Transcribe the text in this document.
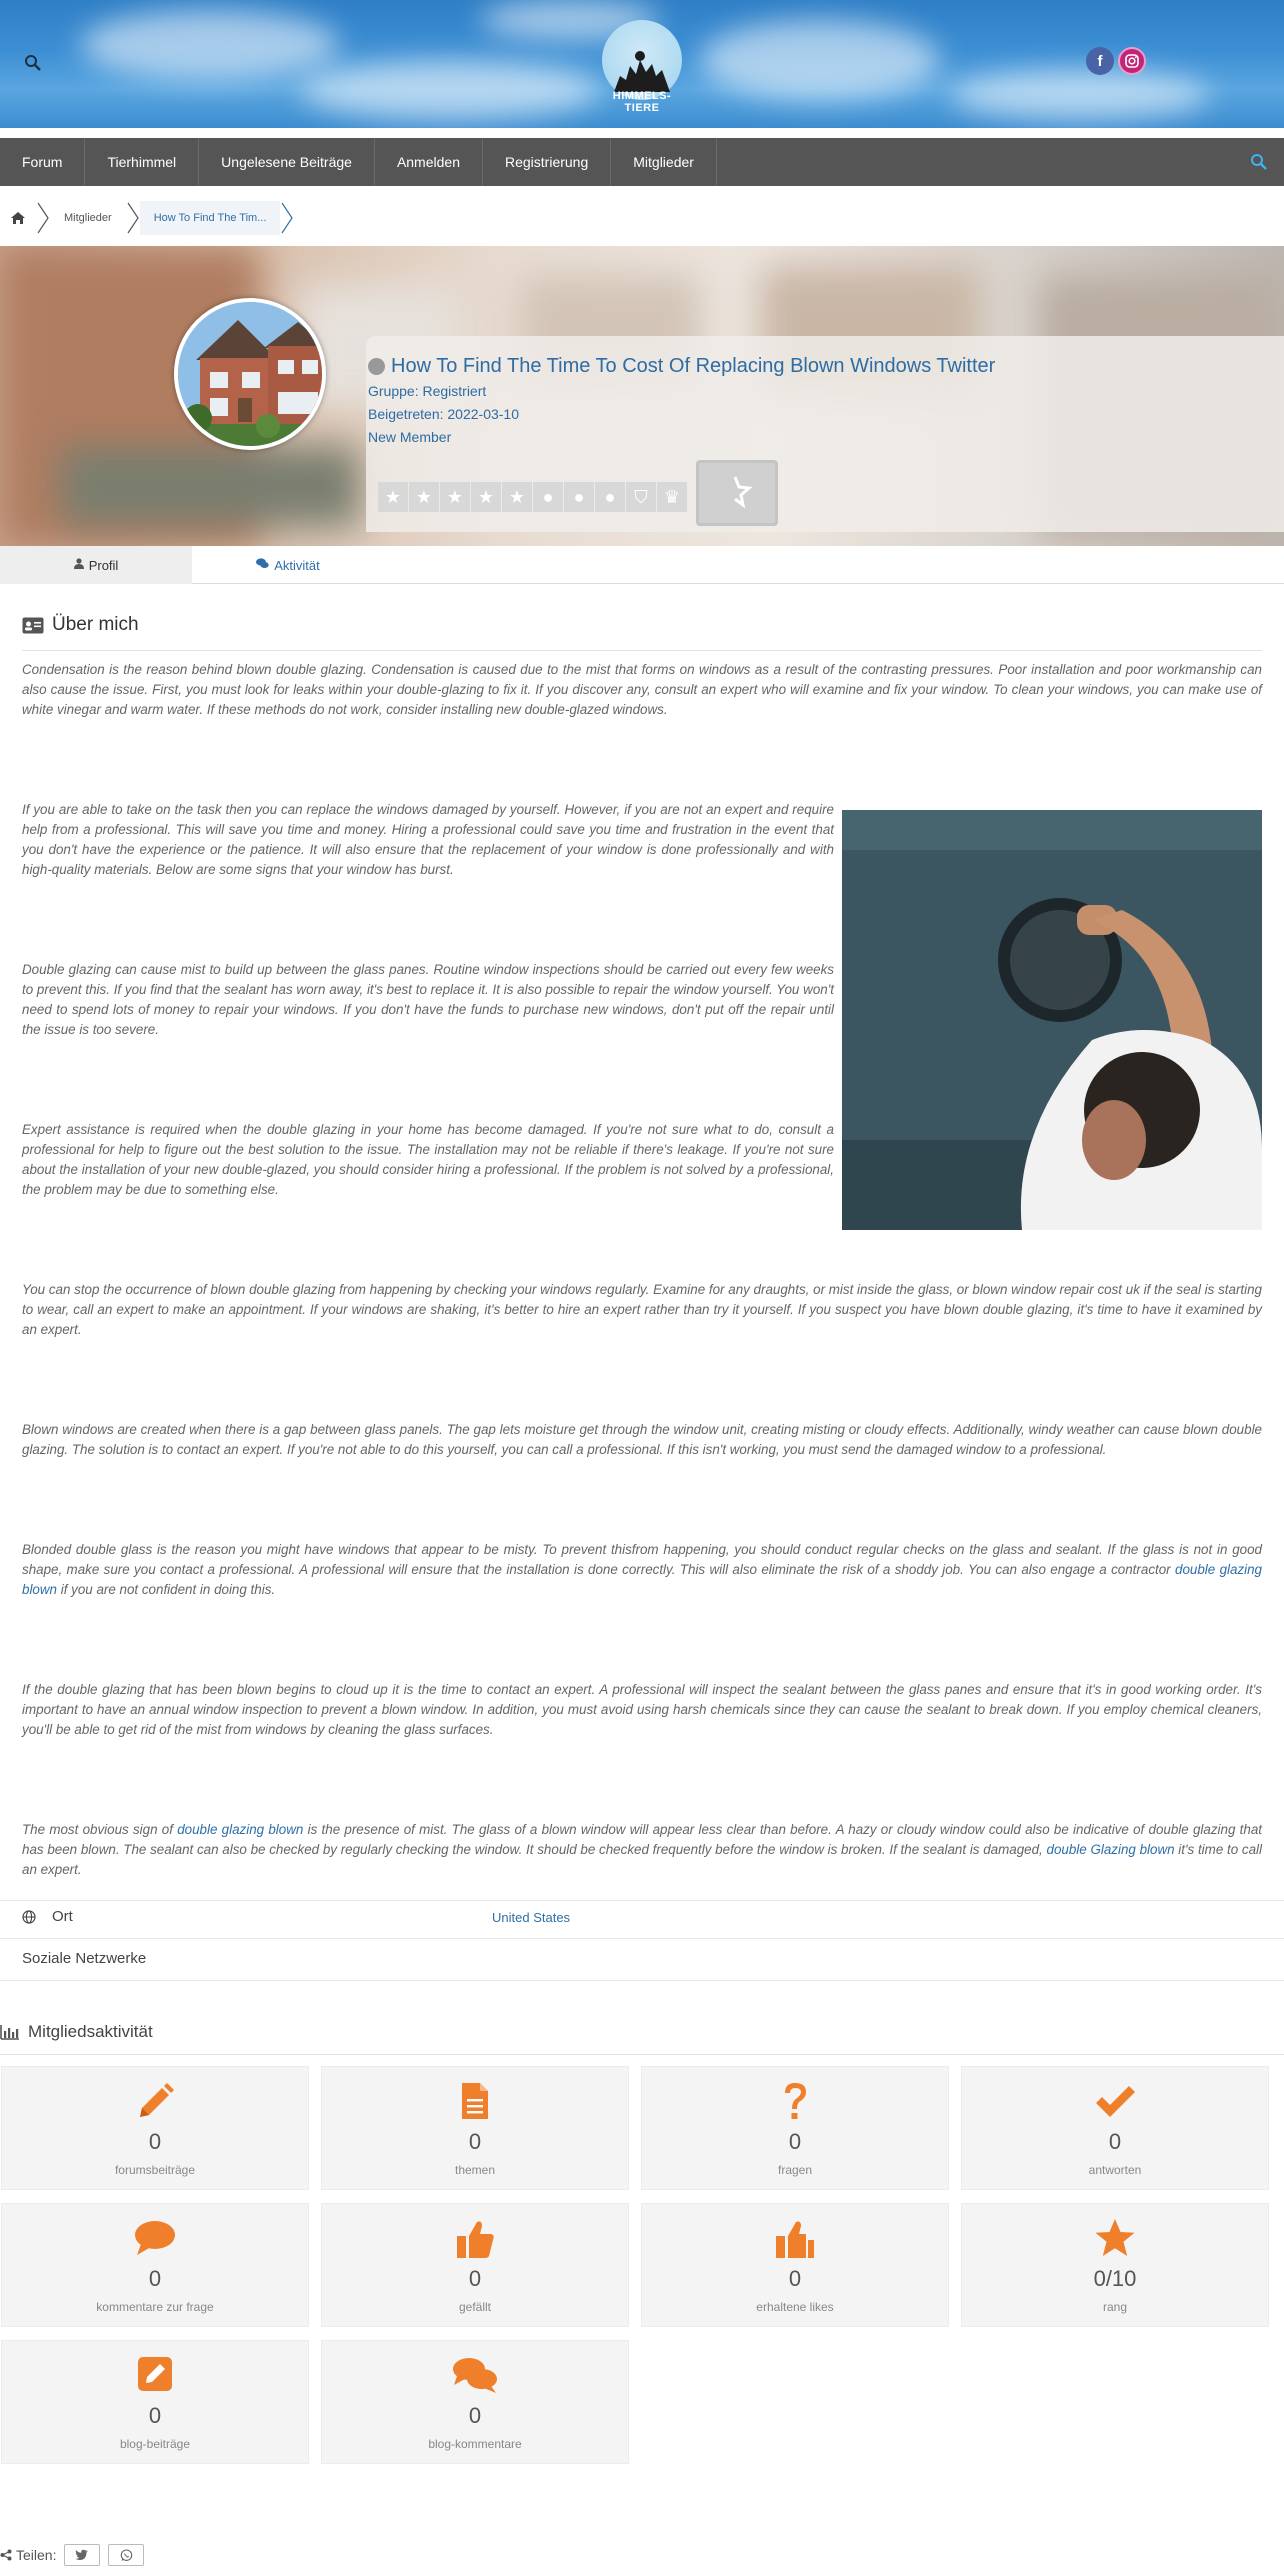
HIMMELS-TIERE
f
Forum	Tierhimmel	Ungelesene Beiträge	Anmelden	Registrierung	Mitglieder
Mitglieder	How To Find The Tim...
How To Find The Time To Cost Of Replacing Blown Windows Twitter
Gruppe: Registriert
Beigetreten: 2022-03-10
New Member
★ ★ ★ ★ ★ ●	●	●	⛉ ♛
Profil	Aktivität
Über mich
Condensation is the reason behind blown double glazing. Condensation is caused due to the mist that forms on windows as a result of the contrasting pressures. Poor installation and poor workmanship can also cause the issue. First, you must look for leaks within your double-glazing to fix it. If you discover any, consult an expert who will examine and fix your window. To clean your windows, you can make use of white vinegar and warm water. If these methods do not work, consider installing new double-glazed windows.
If you are able to take on the task then you can replace the windows damaged by yourself. However, if you are not an expert and require help from a professional. This will save you time and money. Hiring a professional could save you time and frustration in the event that you don't have the experience or the patience. It will also ensure that the replacement of your window is done professionally and with high-quality materials. Below are some signs that your window has burst.
Double glazing can cause mist to build up between the glass panes. Routine window inspections should be carried out every few weeks to prevent this. If you find that the sealant has worn away, it's best to replace it. It is also possible to repair the window yourself. You won't need to spend lots of money to repair your windows. If you don't have the funds to purchase new windows, don't put off the repair until the issue is too severe.
Expert assistance is required when the double glazing in your home has become damaged. If you're not sure what to do, consult a professional for help to figure out the best solution to the issue. The installation may not be reliable if there's leakage. If you're not sure about the installation of your new double-glazed, you should consider hiring a professional. If the problem is not solved by a professional, the problem may be due to something else.
You can stop the occurrence of blown double glazing from happening by checking your windows regularly. Examine for any draughts, or mist inside the glass, or blown window repair cost uk if the seal is starting to wear, call an expert to make an appointment. If your windows are shaking, it's better to hire an expert rather than try it yourself. If you suspect you have blown double glazing, it's time to have it examined by an expert.
Blown windows are created when there is a gap between glass panels. The gap lets moisture get through the window unit, creating misting or cloudy effects. Additionally, windy weather can cause blown double glazing. The solution is to contact an expert. If you're not able to do this yourself, you can call a professional. If this isn't working, you must send the damaged window to a professional.
Blonded double glass is the reason you might have windows that appear to be misty. To prevent thisfrom happening, you should conduct regular checks on the glass and sealant. If the glass is not in good shape, make sure you contact a professional. A professional will ensure that the installation is done correctly. This will also eliminate the risk of a shoddy job. You can also engage a contractor double glazing blown if you are not confident in doing this.
If the double glazing that has been blown begins to cloud up it is the time to contact an expert. A professional will inspect the sealant between the glass panes and ensure that it's in good working order. It's important to have an annual window inspection to prevent a blown window. In addition, you must avoid using harsh chemicals since they can cause the sealant to break down. If you employ chemical cleaners, you'll be able to get rid of the mist from windows by cleaning the glass surfaces.
The most obvious sign of double glazing blown is the presence of mist. The glass of a blown window will appear less clear than before. A hazy or cloudy window could also be indicative of double glazing that has been blown. The sealant can also be checked by regularly checking the window. It should be checked frequently before the window is broken. If the sealant is damaged, double Glazing blown it's time to call an expert.
Ort	United States
Soziale Netzwerke
Mitgliedsaktivität
0
forumsbeiträge
0
themen
0
fragen
0
antworten
0
kommentare zur frage
0
gefällt
0
erhaltene likes
0/10
rang
0
blog-beiträge
0
blog-kommentare
Teilen:
